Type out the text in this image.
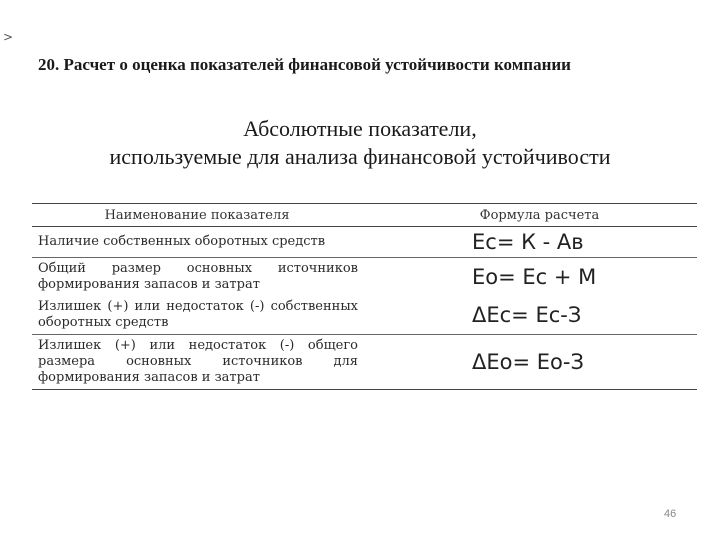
>
20. Расчет о оценка показателей финансовой устойчивости компании
Абсолютные показатели,
используемые для анализа финансовой устойчивости
Наименование показателя	Формула расчета
Наличие собственных оборотных средств	Ес= К - Ав
Общий размер основных источников формирования запасов и затрат	Ео= Ес + М
Излишек (+) или недостаток (-) собственных оборотных средств	ΔЕс= Ес-З
Излишек (+) или недостаток (-) общего размера основных источников для формирования запасов и затрат	ΔЕо= Ео-З
46
